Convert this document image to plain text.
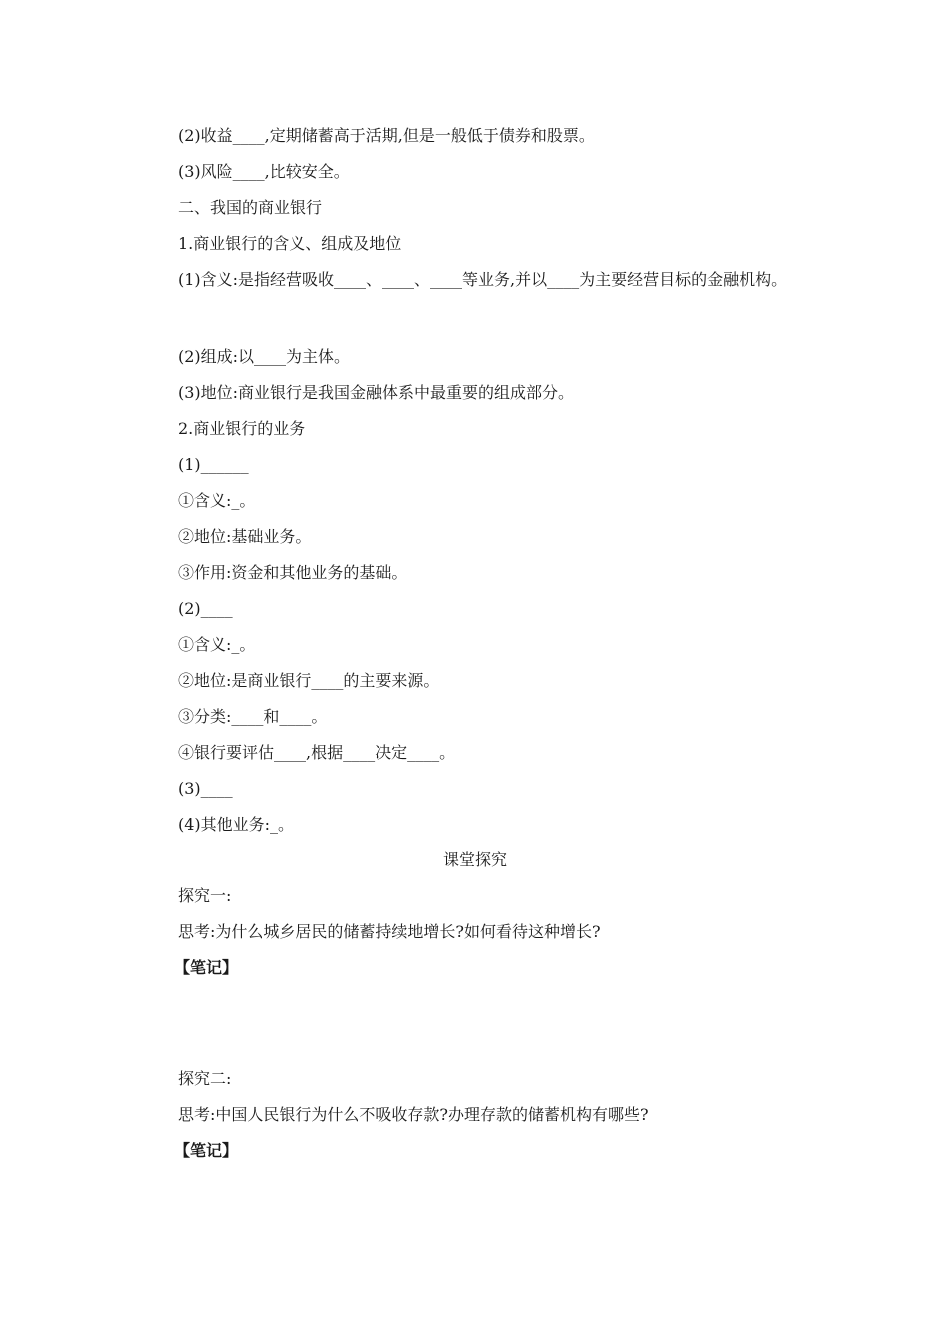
(2)收益____,定期储蓄高于活期,但是一般低于债券和股票。
(3)风险____,比较安全。
二、我国的商业银行
1.商业银行的含义、组成及地位
(1)含义:是指经营吸收____、____、____等业务,并以____为主要经营目标的金融机构。
(2)组成:以____为主体。
(3)地位:商业银行是我国金融体系中最重要的组成部分。
2.商业银行的业务
(1)______
①含义:_。
②地位:基础业务。
③作用:资金和其他业务的基础。
(2)____
①含义:_。
②地位:是商业银行____的主要来源。
③分类:____和____。
④银行要评估____,根据____决定____。
(3)____
(4)其他业务:_。
课堂探究
探究一:
思考:为什么城乡居民的储蓄持续地增长?如何看待这种增长?
【笔记】
探究二:
思考:中国人民银行为什么不吸收存款?办理存款的储蓄机构有哪些?
【笔记】
